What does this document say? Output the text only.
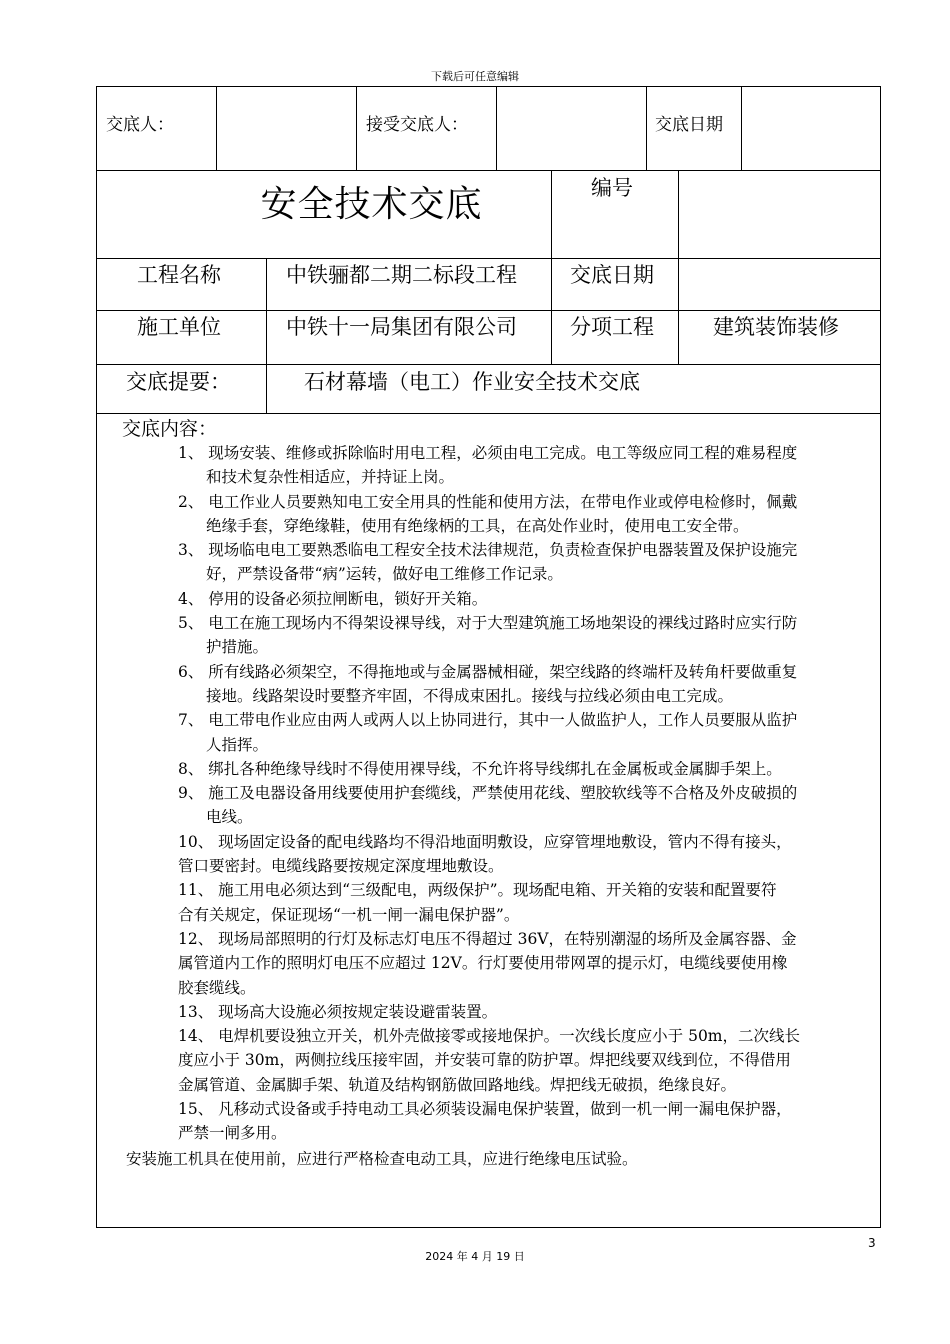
下载后可任意编辑
交底人：	接受交底人：	交底日期
安全技术交底	编号
工程名称	中铁骊都二期二标段工程	交底日期
施工单位	中铁十一局集团有限公司	分项工程	建筑装饰装修
交底提要：	石材幕墙（电工）作业安全技术交底
交底内容：
1、 现场安装、维修或拆除临时用电工程，必须由电工完成。电工等级应同工程的难易程度
和技术复杂性相适应，并持证上岗。
2、 电工作业人员要熟知电工安全用具的性能和使用方法，在带电作业或停电检修时，佩戴
绝缘手套，穿绝缘鞋，使用有绝缘柄的工具，在高处作业时，使用电工安全带。
3、 现场临电电工要熟悉临电工程安全技术法律规范，负责检查保护电器装置及保护设施完
好，严禁设备带“病”运转，做好电工维修工作记录。
4、 停用的设备必须拉闸断电，锁好开关箱。
5、 电工在施工现场内不得架设裸导线，对于大型建筑施工场地架设的裸线过路时应实行防
护措施。
6、 所有线路必须架空，不得拖地或与金属器械相碰，架空线路的终端杆及转角杆要做重复
接地。线路架设时要整齐牢固，不得成束困扎。接线与拉线必须由电工完成。
7、 电工带电作业应由两人或两人以上协同进行，其中一人做监护人，工作人员要服从监护
人指挥。
8、 绑扎各种绝缘导线时不得使用裸导线，不允许将导线绑扎在金属板或金属脚手架上。
9、 施工及电器设备用线要使用护套缆线，严禁使用花线、塑胶软线等不合格及外皮破损的
电线。
10、 现场固定设备的配电线路均不得沿地面明敷设，应穿管埋地敷设，管内不得有接头，
管口要密封。电缆线路要按规定深度埋地敷设。
11、 施工用电必须达到“三级配电，两级保护”。现场配电箱、开关箱的安装和配置要符
合有关规定，保证现场“一机一闸一漏电保护器”。
12、 现场局部照明的行灯及标志灯电压不得超过 36V，在特别潮湿的场所及金属容器、金
属管道内工作的照明灯电压不应超过 12V。行灯要使用带网罩的提示灯，电缆线要使用橡
胶套缆线。
13、 现场高大设施必须按规定装设避雷装置。
14、 电焊机要设独立开关，机外壳做接零或接地保护。一次线长度应小于 50m，二次线长
度应小于 30m，两侧拉线压接牢固，并安装可靠的防护罩。焊把线要双线到位，不得借用
金属管道、金属脚手架、轨道及结构钢筋做回路地线。焊把线无破损，绝缘良好。
15、 凡移动式设备或手持电动工具必须装设漏电保护装置，做到一机一闸一漏电保护器，
严禁一闸多用。
安装施工机具在使用前，应进行严格检查电动工具，应进行绝缘电压试验。
3
2024 年 4 月 19 日
